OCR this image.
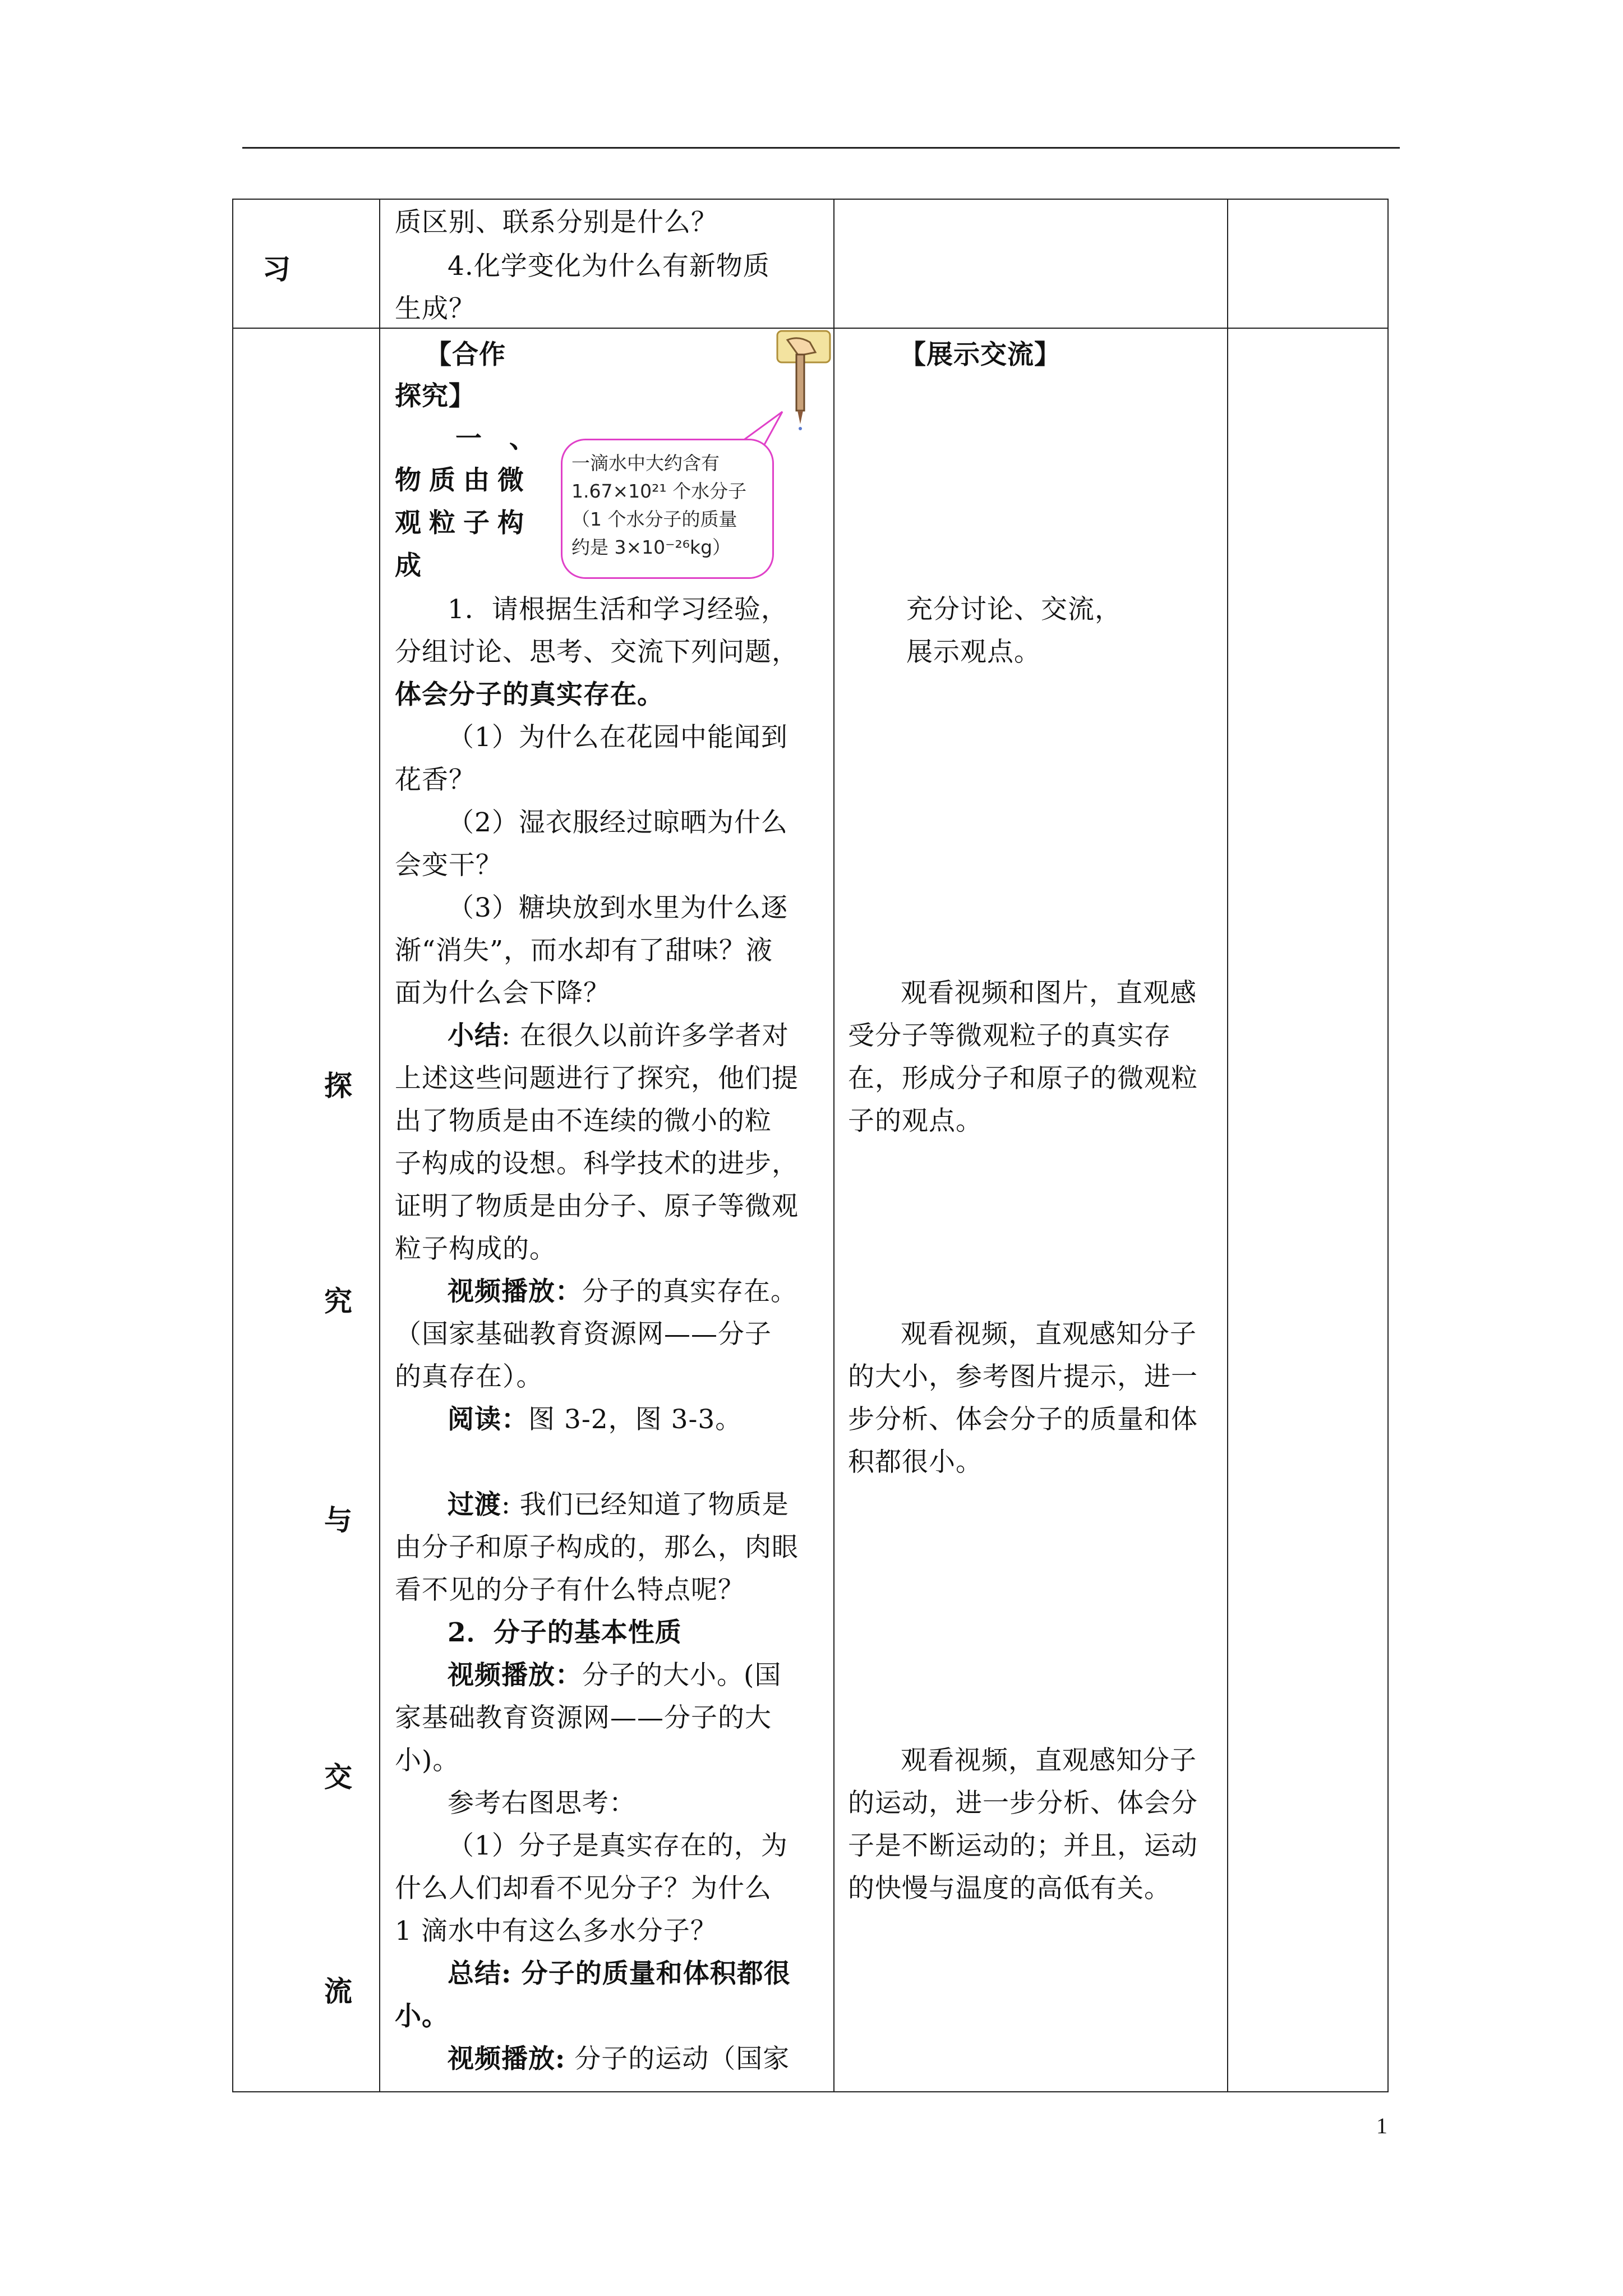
习
质区别、联系分别是什么？
4.化学变化为什么有新物质
生成？
探
究
与
交
流
【合作
探究】
一　、
物质由微
观粒子构
成
一滴水中大约含有
1.67×10²¹ 个水分子
（1 个水分子的质量
约是 3×10⁻²⁶kg）
1．请根据生活和学习经验，
分组讨论、思考、交流下列问题，
体会分子的真实存在。
（1）为什么在花园中能闻到
花香？
（2）湿衣服经过晾晒为什么
会变干？
（3）糖块放到水里为什么逐
渐“消失”，而水却有了甜味？液
面为什么会下降？
小结: 在很久以前许多学者对
上述这些问题进行了探究，他们提
出了物质是由不连续的微小的粒
子构成的设想。科学技术的进步，
证明了物质是由分子、原子等微观
粒子构成的。
视频播放：分子的真实存在。
（国家基础教育资源网——分子
的真存在）。
阅读：图 3-2，图 3-3。
过渡: 我们已经知道了物质是
由分子和原子构成的，那么，肉眼
看不见的分子有什么特点呢？
2．分子的基本性质
视频播放：分子的大小。(国
家基础教育资源网——分子的大
小)。
参考右图思考：
（1）分子是真实存在的，为
什么人们却看不见分子？为什么
1 滴水中有这么多水分子？
总结: 分子的质量和体积都很
小。
视频播放: 分子的运动（国家
【展示交流】
充分讨论、交流，
展示观点。
观看视频和图片，直观感
受分子等微观粒子的真实存
在，形成分子和原子的微观粒
子的观点。
观看视频，直观感知分子
的大小，参考图片提示，进一
步分析、体会分子的质量和体
积都很小。
观看视频，直观感知分子
的运动，进一步分析、体会分
子是不断运动的；并且，运动
的快慢与温度的高低有关。
1
